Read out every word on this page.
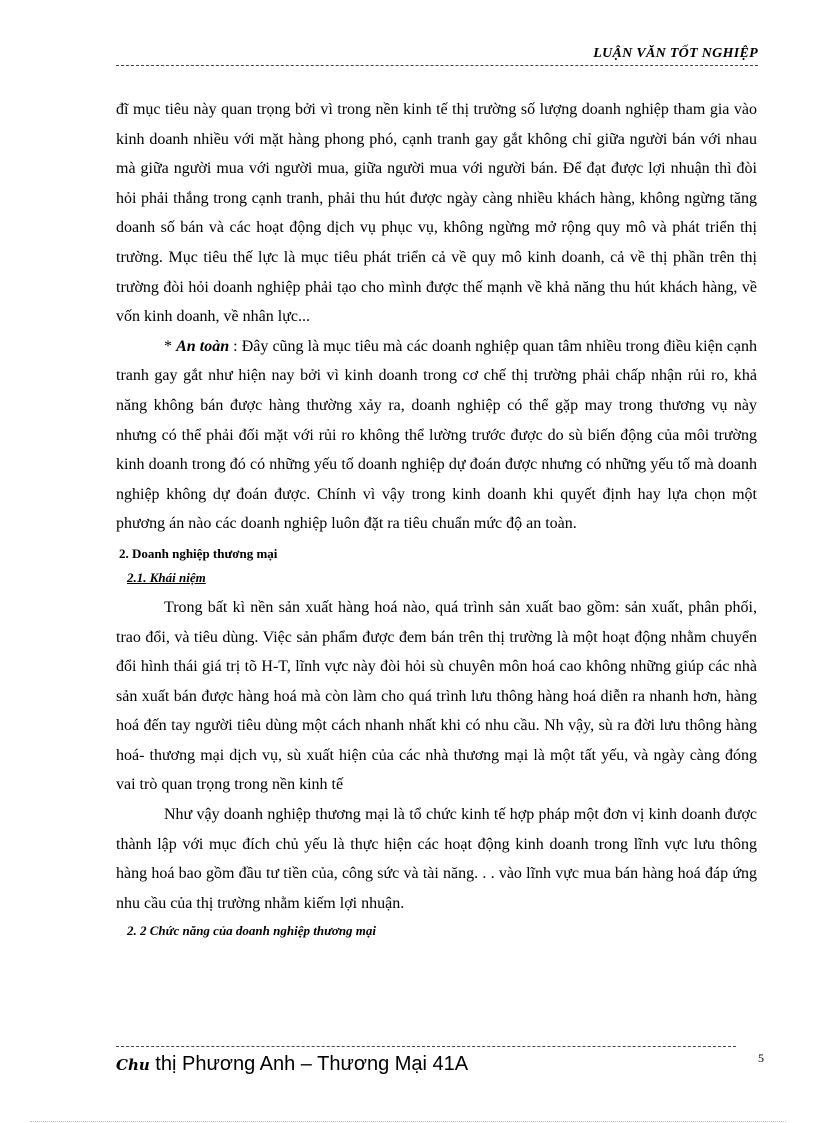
LUẬN VĂN TỐT NGHIỆP

đĩ mục tiêu này quan trọng bởi vì trong nền kinh tế thị trường số lượng doanh nghiệp tham gia vào kinh doanh nhiều với mặt hàng phong phó, cạnh tranh gay gắt không chỉ giữa người bán với nhau mà giữa người mua với người mua, giữa người mua với người bán. Để đạt được lợi nhuận thì đòi hỏi phải thắng trong cạnh tranh, phải thu hút được ngày càng nhiều khách hàng, không ngừng tăng doanh số bán và các hoạt động dịch vụ phục vụ, không ngừng mở rộng quy mô và phát triển thị trường. Mục tiêu thế lực là mục tiêu phát triển cả về quy mô kinh doanh, cả về thị phần trên thị trường đòi hỏi doanh nghiệp phải tạo cho mình được thế mạnh về khả năng thu hút khách hàng, về vốn kinh doanh, về nhân lực...

* An toàn : Đây cũng là mục tiêu mà các doanh nghiệp quan tâm nhiều trong điều kiện cạnh tranh gay gắt như hiện nay bởi vì kinh doanh trong cơ chế thị trường phải chấp nhận rủi ro, khả năng không bán được hàng thường xảy ra, doanh nghiệp có thể gặp may trong thương vụ này nhưng có thể phải đối mặt với rủi ro không thể lường trước được do sù biến động của môi trường kinh doanh trong đó có những yếu tố doanh nghiệp dự đoán được nhưng có những yếu tố mà doanh nghiệp không dự đoán được. Chính vì vậy trong kinh doanh khi quyết định hay lựa chọn một phương án nào các doanh nghiệp luôn đặt ra tiêu chuẩn mức độ an toàn.

2. Doanh nghiệp thương mại
2.1. Khái niệm

Trong bất kì nền sản xuất hàng hoá nào, quá trình sản xuất bao gồm: sản xuất, phân phối, trao đổi, và tiêu dùng. Việc sản phẩm được đem bán trên thị trường là một hoạt động nhằm chuyển đổi hình thái giá trị tõ H-T, lĩnh vực này đòi hỏi sù chuyên môn hoá cao không những giúp các nhà sản xuất bán được hàng hoá mà còn làm cho quá trình lưu thông hàng hoá diễn ra nhanh hơn, hàng hoá đến tay người tiêu dùng một cách nhanh nhất khi có nhu cầu. Nh vậy, sù ra đời lưu thông hàng hoá- thương mại dịch vụ, sù xuất hiện của các nhà thương mại là một tất yếu, và ngày càng đóng vai trò quan trọng trong nền kinh tế

Như vậy doanh nghiệp thương mại là tổ chức kinh tế hợp pháp một đơn vị kinh doanh được thành lập với mục đích chủ yếu là thực hiện các hoạt động kinh doanh trong lĩnh vực lưu thông hàng hoá bao gồm đầu tư tiền của, công sức và tài năng. . . vào lĩnh vực mua bán hàng hoá đáp ứng nhu cầu của thị trường nhằm kiếm lợi nhuận.

2. 2 Chức năng của doanh nghiệp thương mại
Chu thị Phương Anh – Thương Mại 41A	5
